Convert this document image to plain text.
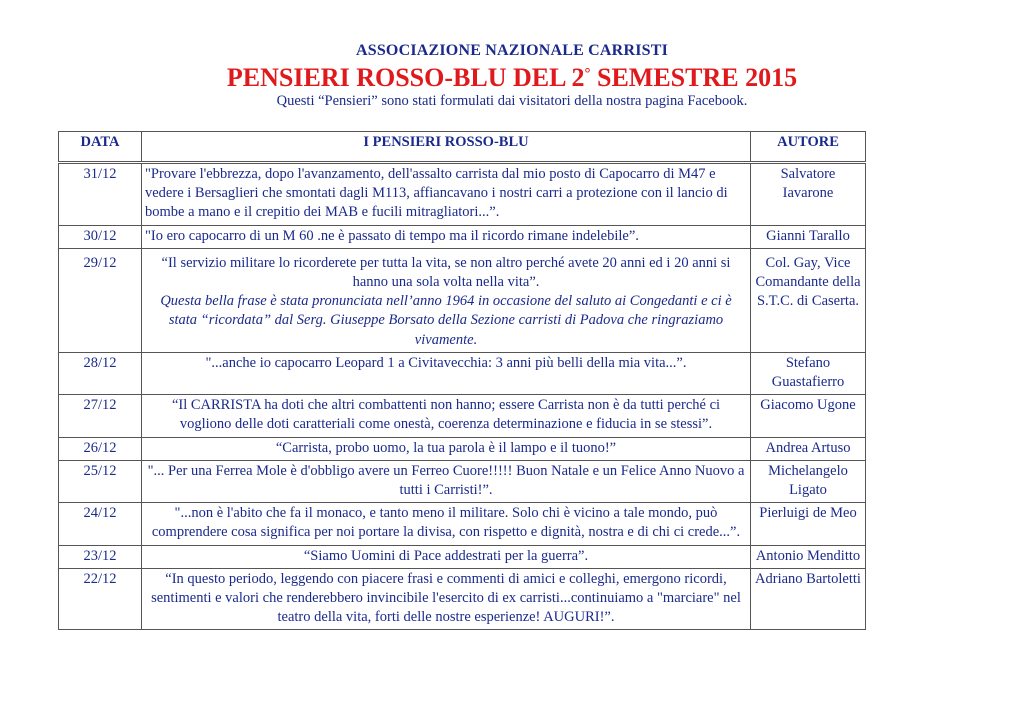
ASSOCIAZIONE NAZIONALE CARRISTI
PENSIERI ROSSO-BLU DEL 2° SEMESTRE 2015
Questi “Pensieri” sono stati formulati dai visitatori della nostra pagina Facebook.
DATA	I PENSIERI ROSSO-BLU	AUTORE
31/12	"Provare l'ebbrezza, dopo l'avanzamento, dell'assalto carrista dal mio posto di Capocarro di M47 e vedere i Bersaglieri che smontati dagli M113, affiancavano i nostri carri a protezione con il lancio di bombe a mano e il crepitio dei MAB e fucili mitragliatori...”.	Salvatore Iavarone
30/12	"Io ero capocarro di un M 60 .ne è passato di tempo ma il ricordo rimane indelebile”.	Gianni Tarallo
29/12	“Il servizio militare lo ricorderete per tutta la vita, se non altro perché avete 20 anni ed i 20 anni si hanno una sola volta nella vita”.
Questa bella frase è stata pronunciata nell’anno 1964 in occasione del saluto ai Congedanti e ci è stata “ricordata” dal Serg. Giuseppe Borsato della Sezione carristi di Padova che ringraziamo vivamente.	Col. Gay, Vice Comandante della S.T.C. di Caserta.
28/12	"...anche io capocarro Leopard 1 a Civitavecchia: 3 anni più belli della mia vita...”.	Stefano Guastafierro
27/12	“Il CARRISTA ha doti che altri combattenti non hanno; essere Carrista non è da tutti perché ci vogliono delle doti caratteriali come onestà, coerenza determinazione e fiducia in se stessi”.	Giacomo Ugone
26/12	“Carrista, probo uomo, la tua parola è il lampo e il tuono!”	Andrea Artuso
25/12	"... Per una Ferrea Mole è d'obbligo avere un Ferreo Cuore!!!!! Buon Natale e un Felice Anno Nuovo a tutti i Carristi!”.	Michelangelo Ligato
24/12	"...non è l'abito che fa il monaco, e tanto meno il militare. Solo chi è vicino a tale mondo, può comprendere cosa significa per noi portare la divisa, con rispetto e dignità, nostra e di chi ci crede...”.	Pierluigi de Meo
23/12	“Siamo Uomini di Pace addestrati per la guerra”.	Antonio Menditto
22/12	“In questo periodo, leggendo con piacere frasi e commenti di amici e colleghi, emergono ricordi, sentimenti e valori che renderebbero invincibile l'esercito di ex carristi...continuiamo a "marciare" nel teatro della vita, forti delle nostre esperienze! AUGURI!”.	Adriano Bartoletti
